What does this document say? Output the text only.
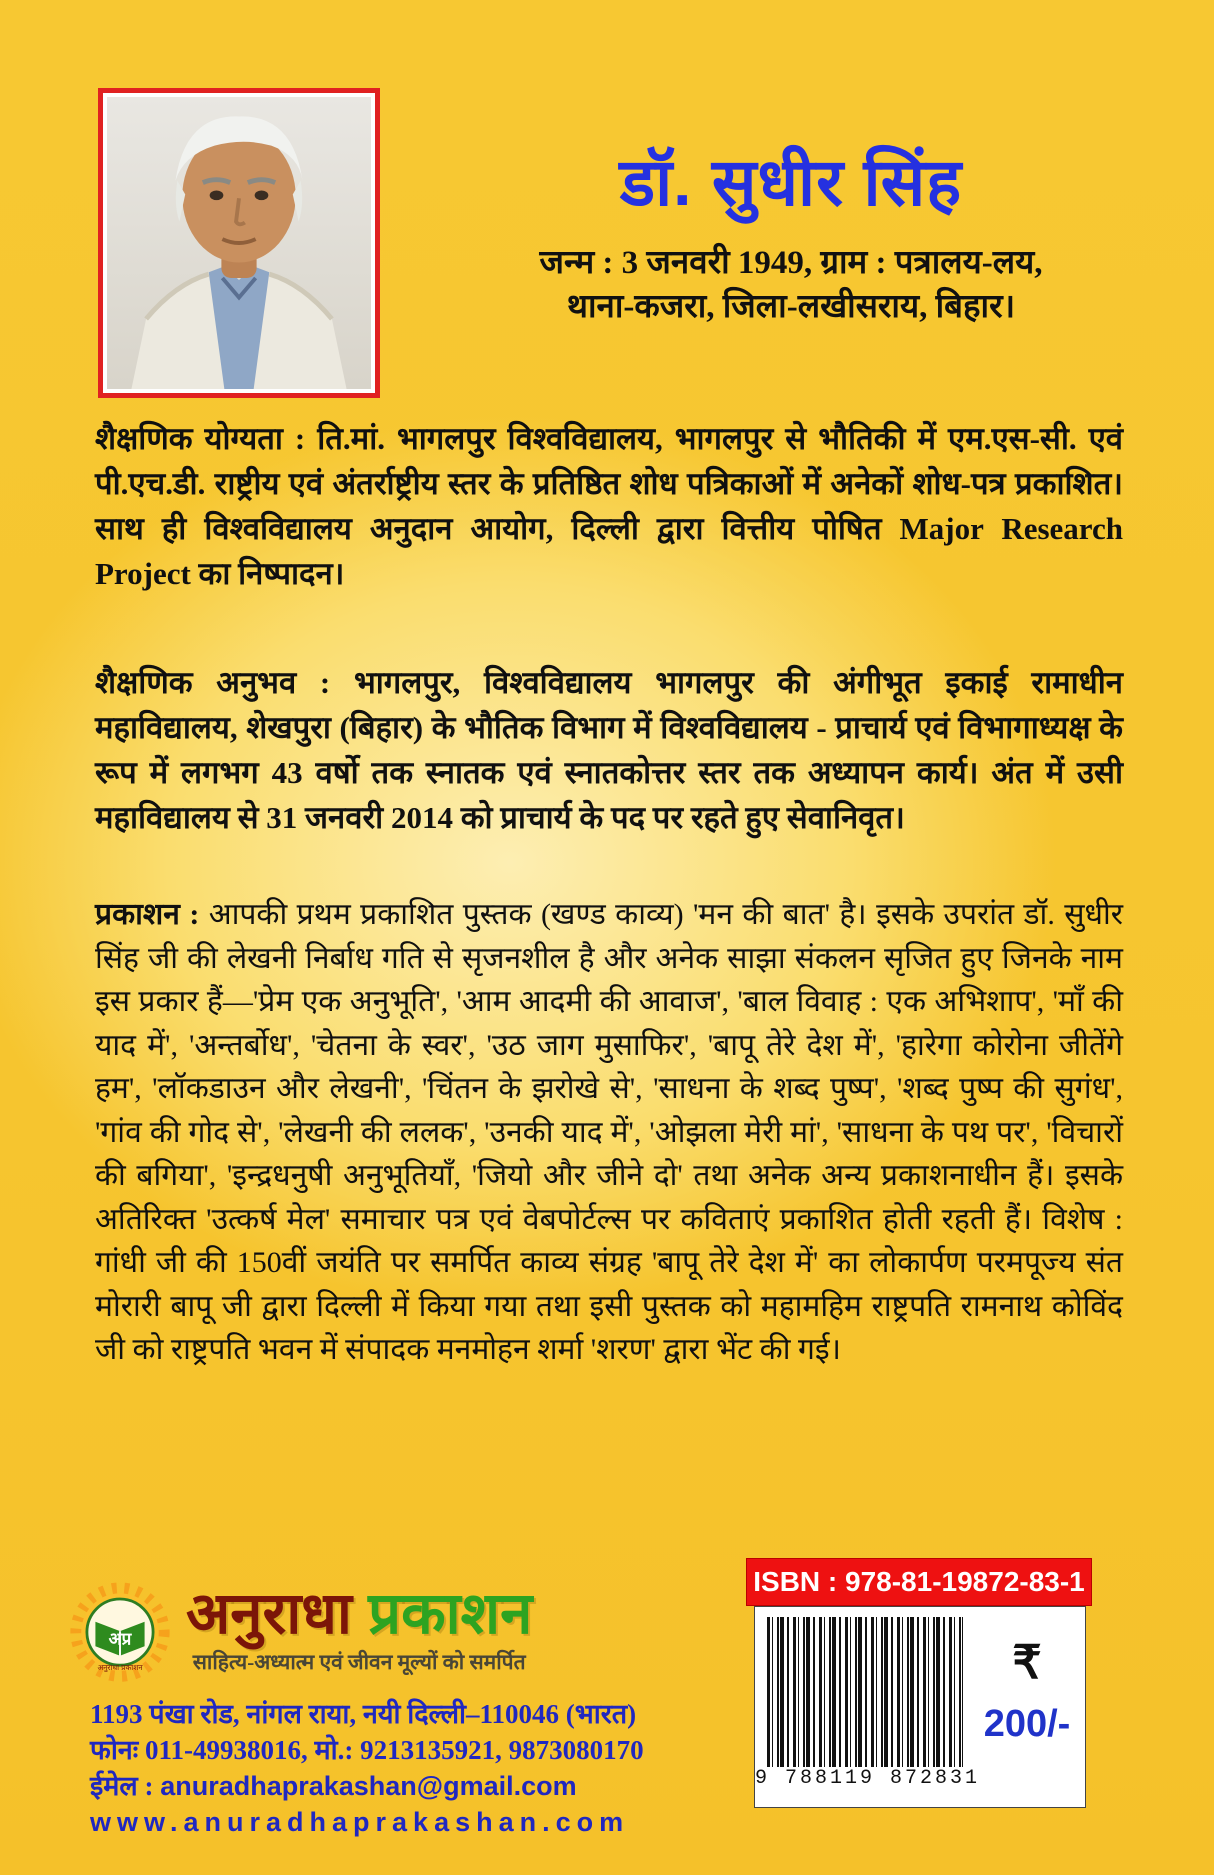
डॉ. सुधीर सिंह
जन्म : 3 जनवरी 1949, ग्राम : पत्रालय-लय,
थाना-कजरा, जिला-लखीसराय, बिहार।
शैक्षणिक योग्यता : ति.मां. भागलपुर विश्वविद्यालय, भागलपुर से भौतिकी में एम.एस-सी. एवं पी.एच.डी. राष्ट्रीय एवं अंतर्राष्ट्रीय स्तर के प्रतिष्ठित शोध पत्रिकाओं में अनेकों शोध-पत्र प्रकाशित। साथ ही विश्वविद्यालय अनुदान आयोग, दिल्ली द्वारा वित्तीय पोषित Major Research Project का निष्पादन।
शैक्षणिक अनुभव : भागलपुर, विश्वविद्यालय भागलपुर की अंगीभूत इकाई रामाधीन महाविद्यालय, शेखपुरा (बिहार) के भौतिक विभाग में विश्वविद्यालय - प्राचार्य एवं विभागाध्यक्ष के रूप में लगभग 43 वर्षो तक स्नातक एवं स्नातकोत्तर स्तर तक अध्यापन कार्य। अंत में उसी महाविद्यालय से 31 जनवरी 2014 को प्राचार्य के पद पर रहते हुए सेवानिवृत।
प्रकाशन : आपकी प्रथम प्रकाशित पुस्तक (खण्ड काव्य) 'मन की बात' है। इसके उपरांत डॉ. सुधीर सिंह जी की लेखनी निर्बाध गति से सृजनशील है और अनेक साझा संकलन सृजित हुए जिनके नाम इस प्रकार हैं—'प्रेम एक अनुभूति', 'आम आदमी की आवाज', 'बाल विवाह : एक अभिशाप', 'माँ की याद में', 'अन्तर्बोध', 'चेतना के स्वर', 'उठ जाग मुसाफिर', 'बापू तेरे देश में', 'हारेगा कोरोना जीतेंगे हम', 'लॉकडाउन और लेखनी', 'चिंतन के झरोखे से', 'साधना के शब्द पुष्प', 'शब्द पुष्प की सुगंध', 'गांव की गोद से', 'लेखनी की ललक', 'उनकी याद में', 'ओझला मेरी मां', 'साधना के पथ पर', 'विचारों की बगिया', 'इन्द्रधनुषी अनुभूतियाँ, 'जियो और जीने दो' तथा अनेक अन्य प्रकाशनाधीन हैं। इसके अतिरिक्त 'उत्कर्ष मेल' समाचार पत्र एवं वेबपोर्टल्स पर कविताएं प्रकाशित होती रहती हैं। विशेष : गांधी जी की 150वीं जयंति पर समर्पित काव्य संग्रह 'बापू तेरे देश में' का लोकार्पण परमपूज्य संत मोरारी बापू जी द्वारा दिल्ली में किया गया तथा इसी पुस्तक को महामहिम राष्ट्रपति रामनाथ कोविंद जी को राष्ट्रपति भवन में संपादक मनमोहन शर्मा 'शरण' द्वारा भेंट की गई।
अप्र
अनुराधा प्रकाशन
अनुराधा प्रकाशन
साहित्य-अध्यात्म एवं जीवन मूल्यों को समर्पित
1193 पंखा रोड, नांगल राया, नयी दिल्ली–110046 (भारत)
फोनः 011-49938016, मो.: 9213135921, 9873080170
ईमेल : anuradhaprakashan@gmail.com
www.anuradhaprakashan.com
ISBN : 978-81-19872-83-1
9 788119 872831
₹
200/-
